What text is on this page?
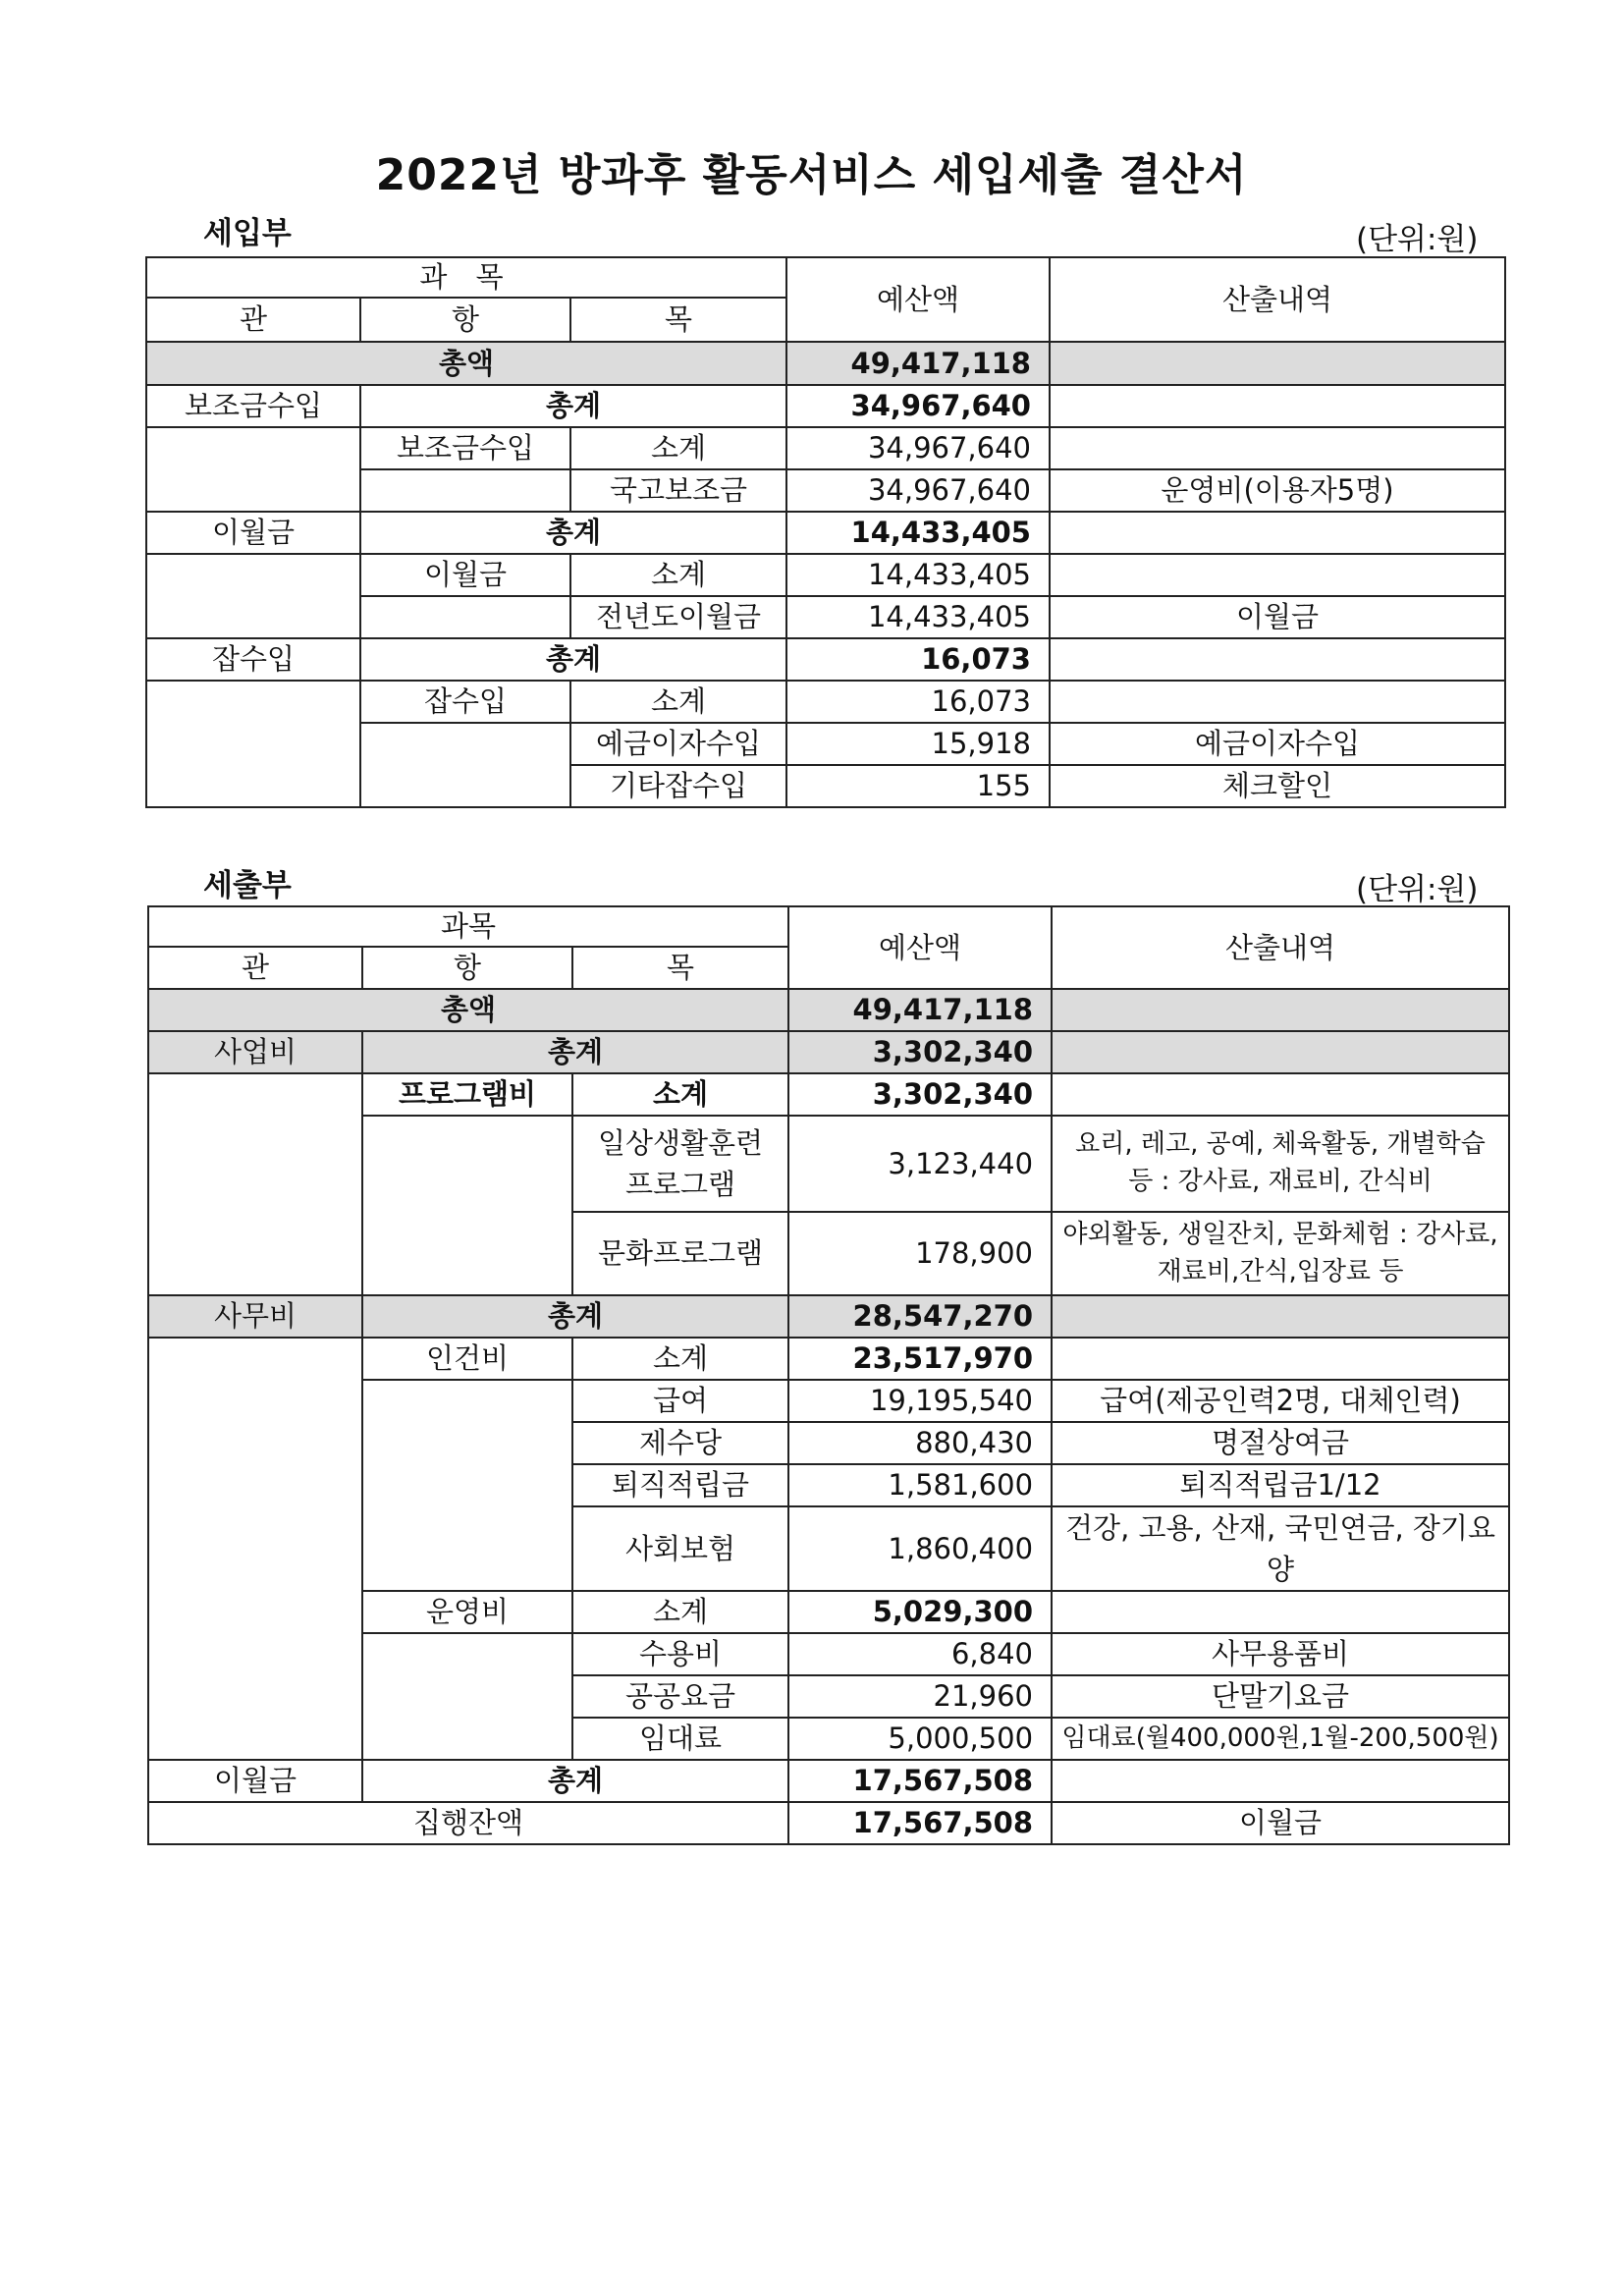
2022년 방과후 활동서비스 세입세출 결산서
세입부	(단위:원)
과 목			예산액	산출내역
관	항	목		
총액			49,417,118	
보조금수입	총계		34,967,640	
	보조금수입	소계	34,967,640	
		국고보조금	34,967,640	운영비(이용자5명)
이월금	총계		14,433,405	
	이월금	소계	14,433,405	
		전년도이월금	14,433,405	이월금
잡수입	총계		16,073	
	잡수입	소계	16,073	
		예금이자수입	15,918	예금이자수입
		기타잡수입	155	체크할인
세출부	(단위:원)
과목			예산액	산출내역
관	항	목		
총액			49,417,118	
사업비	총계		3,302,340	
	프로그램비	소계	3,302,340	
		일상생활훈련 프로그램	3,123,440	요리, 레고, 공예, 체육활동, 개별학습 등 : 강사료, 재료비, 간식비
		문화프로그램	178,900	야외활동, 생일잔치, 문화체험 : 강사료,재료비,간식,입장료 등
사무비	총계		28,547,270	
	인건비	소계	23,517,970	
		급여	19,195,540	급여(제공인력2명, 대체인력)
		제수당	880,430	명절상여금
		퇴직적립금	1,581,600	퇴직적립금1/12
		사회보험	1,860,400	건강, 고용, 산재, 국민연금, 장기요양
	운영비	소계	5,029,300	
		수용비	6,840	사무용품비
		공공요금	21,960	단말기요금
		임대료	5,000,500	임대료(월400,000원,1월-200,500원)
이월금	총계		17,567,508	
집행잔액			17,567,508	이월금
